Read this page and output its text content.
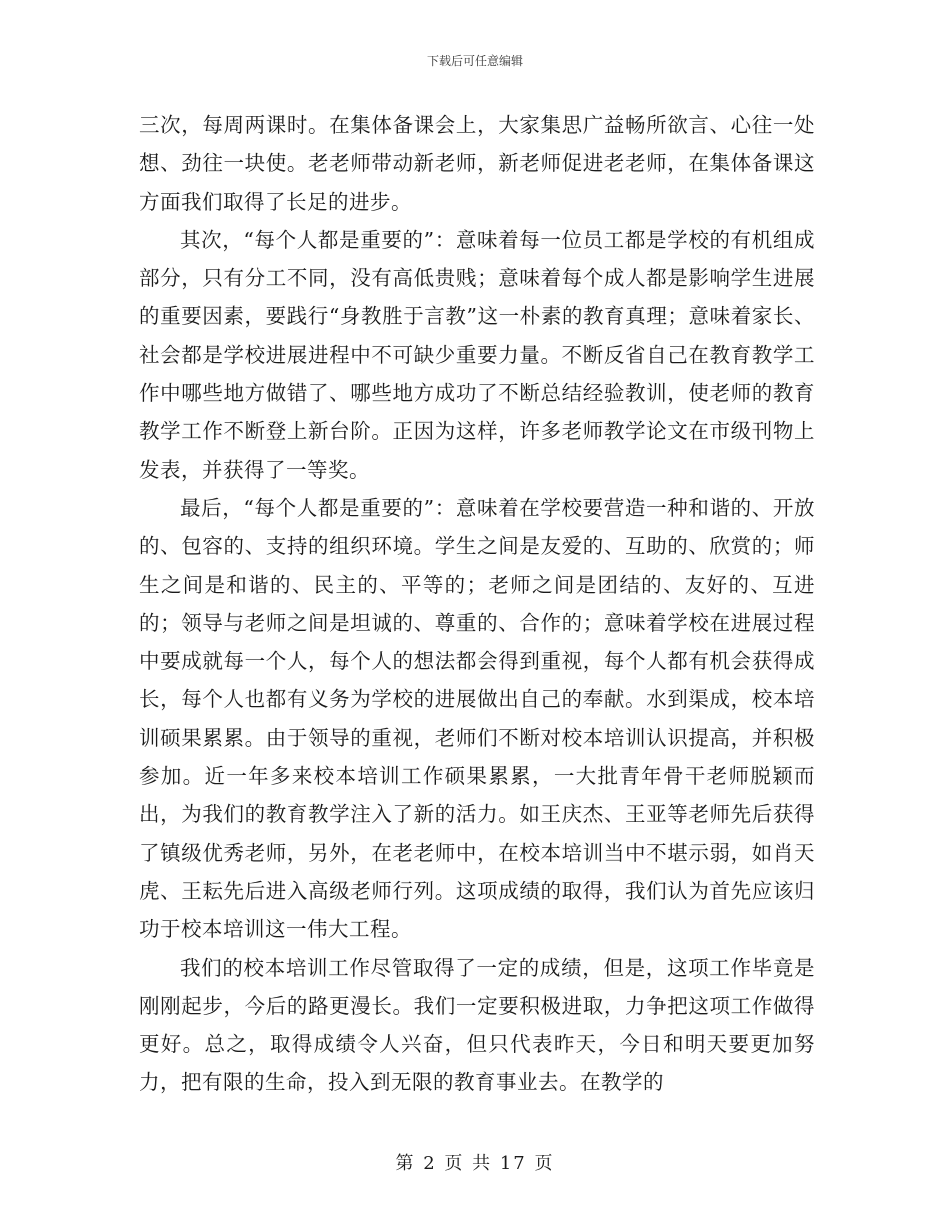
下载后可任意编辑

三次，每周两课时。在集体备课会上，大家集思广益畅所欲言、心往一处想、劲往一块使。老老师带动新老师，新老师促进老老师，在集体备课这方面我们取得了长足的进步。

其次，“每个人都是重要的”：意味着每一位员工都是学校的有机组成部分，只有分工不同，没有高低贵贱；意味着每个成人都是影响学生进展的重要因素，要践行“身教胜于言教”这一朴素的教育真理；意味着家长、社会都是学校进展进程中不可缺少重要力量。不断反省自己在教育教学工作中哪些地方做错了、哪些地方成功了不断总结经验教训，使老师的教育教学工作不断登上新台阶。正因为这样，许多老师教学论文在市级刊物上发表，并获得了一等奖。

最后，“每个人都是重要的”：意味着在学校要营造一种和谐的、开放的、包容的、支持的组织环境。学生之间是友爱的、互助的、欣赏的；师生之间是和谐的、民主的、平等的；老师之间是团结的、友好的、互进的；领导与老师之间是坦诚的、尊重的、合作的；意味着学校在进展过程中要成就每一个人，每个人的想法都会得到重视，每个人都有机会获得成长，每个人也都有义务为学校的进展做出自己的奉献。水到渠成，校本培训硕果累累。由于领导的重视，老师们不断对校本培训认识提高，并积极参加。近一年多来校本培训工作硕果累累，一大批青年骨干老师脱颖而出，为我们的教育教学注入了新的活力。如王庆杰、王亚等老师先后获得了镇级优秀老师，另外，在老老师中，在校本培训当中不堪示弱，如肖天虎、王耘先后进入高级老师行列。这项成绩的取得，我们认为首先应该归功于校本培训这一伟大工程。

我们的校本培训工作尽管取得了一定的成绩，但是，这项工作毕竟是刚刚起步，今后的路更漫长。我们一定要积极进取，力争把这项工作做得更好。总之，取得成绩令人兴奋，但只代表昨天，今日和明天要更加努力，把有限的生命，投入到无限的教育事业去。在教学的

第 2 页 共 17 页
